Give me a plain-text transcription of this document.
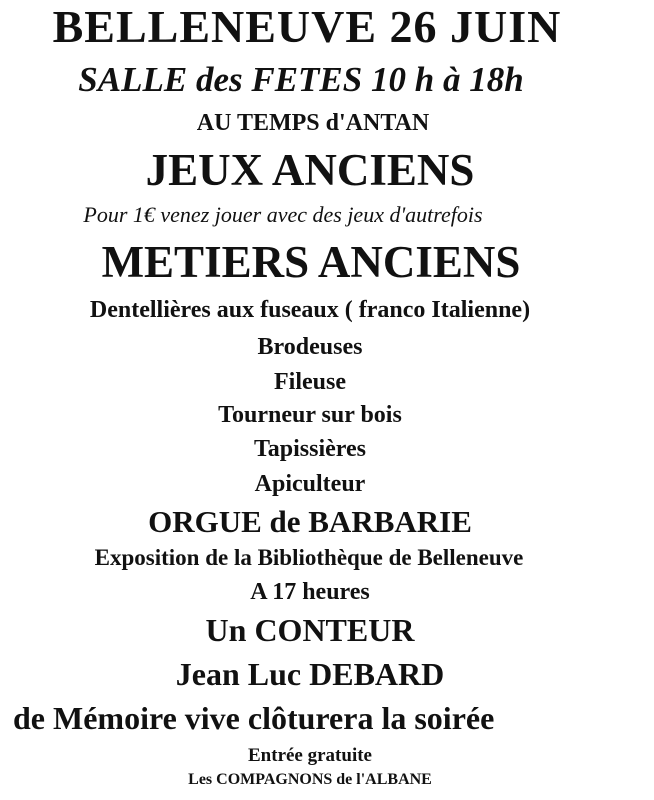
BELLENEUVE 26 JUIN
SALLE des FETES 10 h à 18h
AU TEMPS d'ANTAN
JEUX ANCIENS
Pour 1€ venez jouer avec des jeux d'autrefois
METIERS ANCIENS
Dentellières aux fuseaux ( franco Italienne)
Brodeuses
Fileuse
Tourneur sur bois
Tapissières
Apiculteur
ORGUE de BARBARIE
Exposition de la Bibliothèque de Belleneuve
A 17 heures
Un CONTEUR
Jean Luc DEBARD
de Mémoire vive clôturera la soirée
Entrée gratuite
Les COMPAGNONS de l'ALBANE
